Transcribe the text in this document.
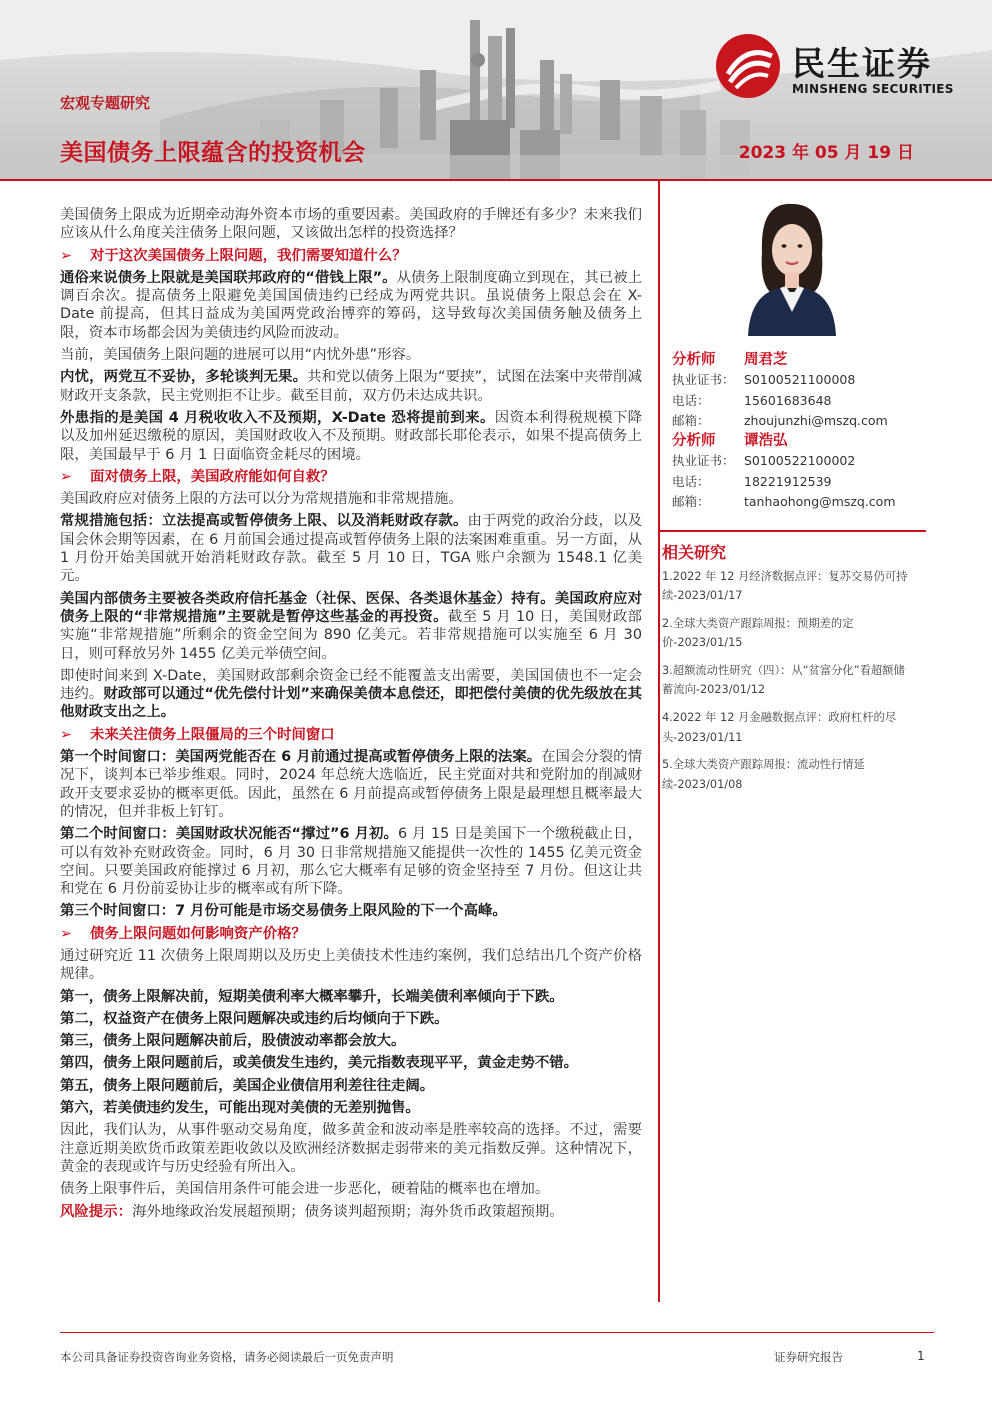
宏观专题研究
美国债务上限蕴含的投资机会	2023 年 05 月 19 日
民生证券
MINSHENG SECURITIES

美国债务上限成为近期牵动海外资本市场的重要因素。美国政府的手牌还有多少？未来我们应该从什么角度关注债务上限问题，又该做出怎样的投资选择？

➢ 对于这次美国债务上限问题，我们需要知道什么？

通俗来说债务上限就是美国联邦政府的“借钱上限”。从债务上限制度确立到现在，其已被上调百余次。提高债务上限避免美国国债违约已经成为两党共识。虽说债务上限总会在 X-Date 前提高，但其日益成为美国两党政治博弈的筹码，这导致每次美国债务触及债务上限，资本市场都会因为美债违约风险而波动。

当前，美国债务上限问题的进展可以用“内忧外患”形容。

内忧，两党互不妥协，多轮谈判无果。共和党以债务上限为“要挟”，试图在法案中夹带削减财政开支条款，民主党则拒不让步。截至目前，双方仍未达成共识。

外患指的是美国 4 月税收收入不及预期，X-Date 恐将提前到来。因资本利得税规模下降以及加州延迟缴税的原因，美国财政收入不及预期。财政部长耶伦表示，如果不提高债务上限，美国最早于 6 月 1 日面临资金耗尽的困境。

➢ 面对债务上限，美国政府能如何自救？

美国政府应对债务上限的方法可以分为常规措施和非常规措施。

常规措施包括：立法提高或暂停债务上限、以及消耗财政存款。由于两党的政治分歧，以及国会休会期等因素，在 6 月前国会通过提高或暂停债务上限的法案困难重重。另一方面，从 1 月份开始美国就开始消耗财政存款。截至 5 月 10 日，TGA 账户余额为 1548.1 亿美元。

美国内部债务主要被各类政府信托基金（社保、医保、各类退休基金）持有。美国政府应对债务上限的“非常规措施”主要就是暂停这些基金的再投资。截至 5 月 10 日，美国财政部实施“非常规措施”所剩余的资金空间为 890 亿美元。若非常规措施可以实施至 6 月 30 日，则可释放另外 1455 亿美元举债空间。

即使时间来到 X-Date，美国财政部剩余资金已经不能覆盖支出需要，美国国债也不一定会违约。财政部可以通过“优先偿付计划”来确保美债本息偿还，即把偿付美债的优先级放在其他财政支出之上。

➢ 未来关注债务上限僵局的三个时间窗口

第一个时间窗口：美国两党能否在 6 月前通过提高或暂停债务上限的法案。在国会分裂的情况下，谈判本已举步维艰。同时，2024 年总统大选临近，民主党面对共和党附加的削减财政开支要求妥协的概率更低。因此，虽然在 6 月前提高或暂停债务上限是最理想且概率最大的情况，但并非板上钉钉。

第二个时间窗口：美国财政状况能否“撑过”6 月初。6 月 15 日是美国下一个缴税截止日，可以有效补充财政资金。同时，6 月 30 日非常规措施又能提供一次性的 1455 亿美元资金空间。只要美国政府能撑过 6 月初，那么它大概率有足够的资金坚持至 7 月份。但这让共和党在 6 月份前妥协让步的概率或有所下降。

第三个时间窗口：7 月份可能是市场交易债务上限风险的下一个高峰。

➢ 债务上限问题如何影响资产价格？

通过研究近 11 次债务上限周期以及历史上美债技术性违约案例，我们总结出几个资产价格规律。

第一，债务上限解决前，短期美债利率大概率攀升，长端美债利率倾向于下跌。

第二，权益资产在债务上限问题解决或违约后均倾向于下跌。

第三，债务上限问题解决前后，股债波动率都会放大。

第四，债务上限问题前后，或美债发生违约，美元指数表现平平，黄金走势不错。

第五，债务上限问题前后，美国企业债信用利差往往走阔。

第六，若美债违约发生，可能出现对美债的无差别抛售。

因此，我们认为，从事件驱动交易角度，做多黄金和波动率是胜率较高的选择。不过，需要注意近期美欧货币政策差距收敛以及欧洲经济数据走弱带来的美元指数反弹。这种情况下，黄金的表现或许与历史经验有所出入。

债务上限事件后，美国信用条件可能会进一步恶化，硬着陆的概率也在增加。

风险提示：海外地缘政治发展超预期；债务谈判超预期；海外货币政策超预期。

分析师 周君芝
执业证书： S0100521100008
电话：	15601683648
邮箱：	zhoujunzhi@mszq.com
分析师 谭浩弘
执业证书： S0100522100002
电话：	18221912539
邮箱：	tanhaohong@mszq.com
相关研究
1.2022 年 12 月经济数据点评：复苏交易仍可持续-2023/01/17
2.全球大类资产跟踪周报：预期差的定价-2023/01/15
3.超额流动性研究（四）：从“贫富分化”看超额储蓄流向-2023/01/12
4.2022 年 12 月金融数据点评：政府杠杆的尽头-2023/01/11
5.全球大类资产跟踪周报：流动性行情延续-2023/01/08
本公司具备证券投资咨询业务资格，请务必阅读最后一页免责声明	证券研究报告	1
